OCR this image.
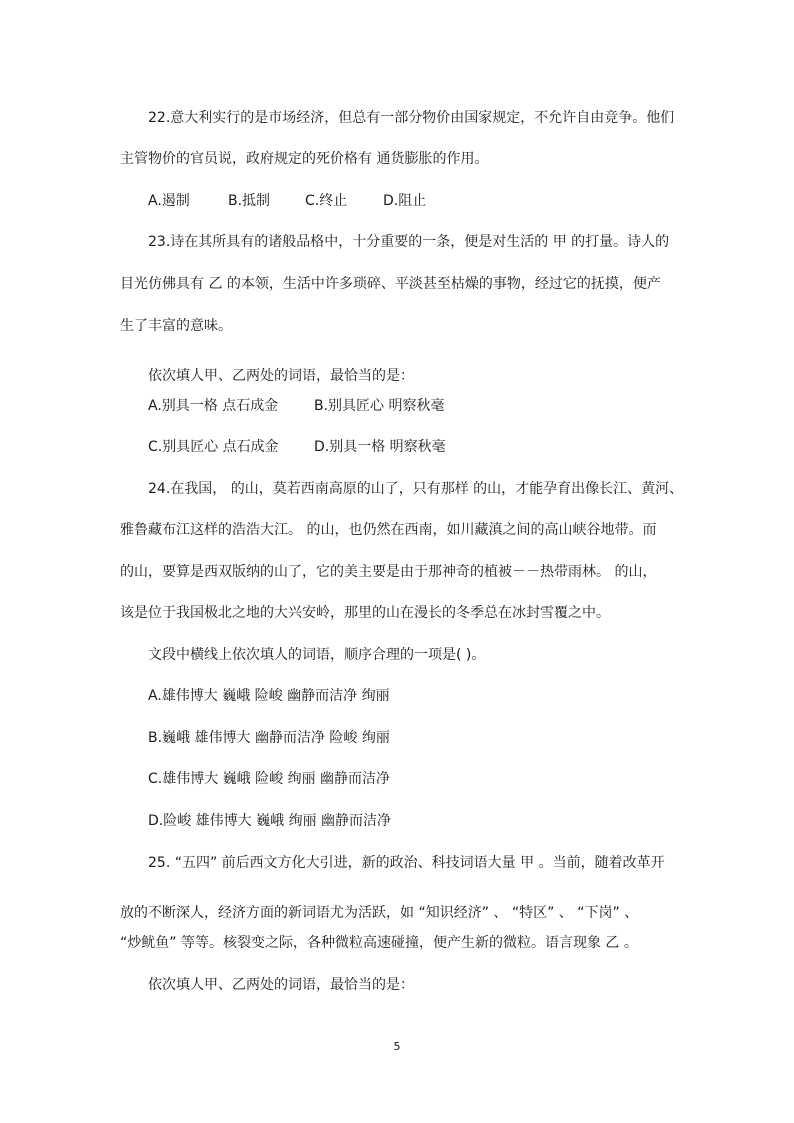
22.意大利实行的是市场经济，但总有一部分物价由国家规定，不允许自由竞争。他们
主管物价的官员说，政府规定的死价格有 通货膨胀的作用。
A.遏制	B.抵制 C.终止	D.阻止
23.诗在其所具有的诸般品格中，十分重要的一条，便是对生活的 甲 的打量。诗人的
目光仿佛具有 乙 的本领，生活中许多琐碎、平淡甚至枯燥的事物，经过它的抚摸，便产
生了丰富的意味。
依次填人甲、乙两处的词语，最恰当的是：
A.别具一格 点石成金	B.别具匠心 明察秋毫
C.别具匠心 点石成金	D.别具一格 明察秋毫
24.在我国， 的山，莫若西南高原的山了，只有那样 的山，才能孕育出像长江、黄河、
雅鲁藏布江这样的浩浩大江。 的山，也仍然在西南，如川藏滇之间的高山峡谷地带。而
的山，要算是西双版纳的山了，它的美主要是由于那神奇的植被－－热带雨林。 的山，
该是位于我国极北之地的大兴安岭，那里的山在漫长的冬季总在冰封雪覆之中。
文段中横线上依次填人的词语，顺序合理的一项是( )。
A.雄伟博大 巍峨 险峻 幽静而洁净 绚丽
B.巍峨 雄伟博大 幽静而洁净 险峻 绚丽
C.雄伟博大 巍峨 险峻 绚丽 幽静而洁净
D.险峻 雄伟博大 巍峨 绚丽 幽静而洁净
25. “五四” 前后西文方化大引进，新的政治、科技词语大量 甲 。当前，随着改革开
放的不断深人，经济方面的新词语尤为活跃，如 “知识经济” 、 “特区” 、 “下岗” 、
“炒鱿鱼” 等等。核裂变之际，各种微粒高速碰撞，便产生新的微粒。语言现象 乙 。
依次填人甲、乙两处的词语，最恰当的是：
5
